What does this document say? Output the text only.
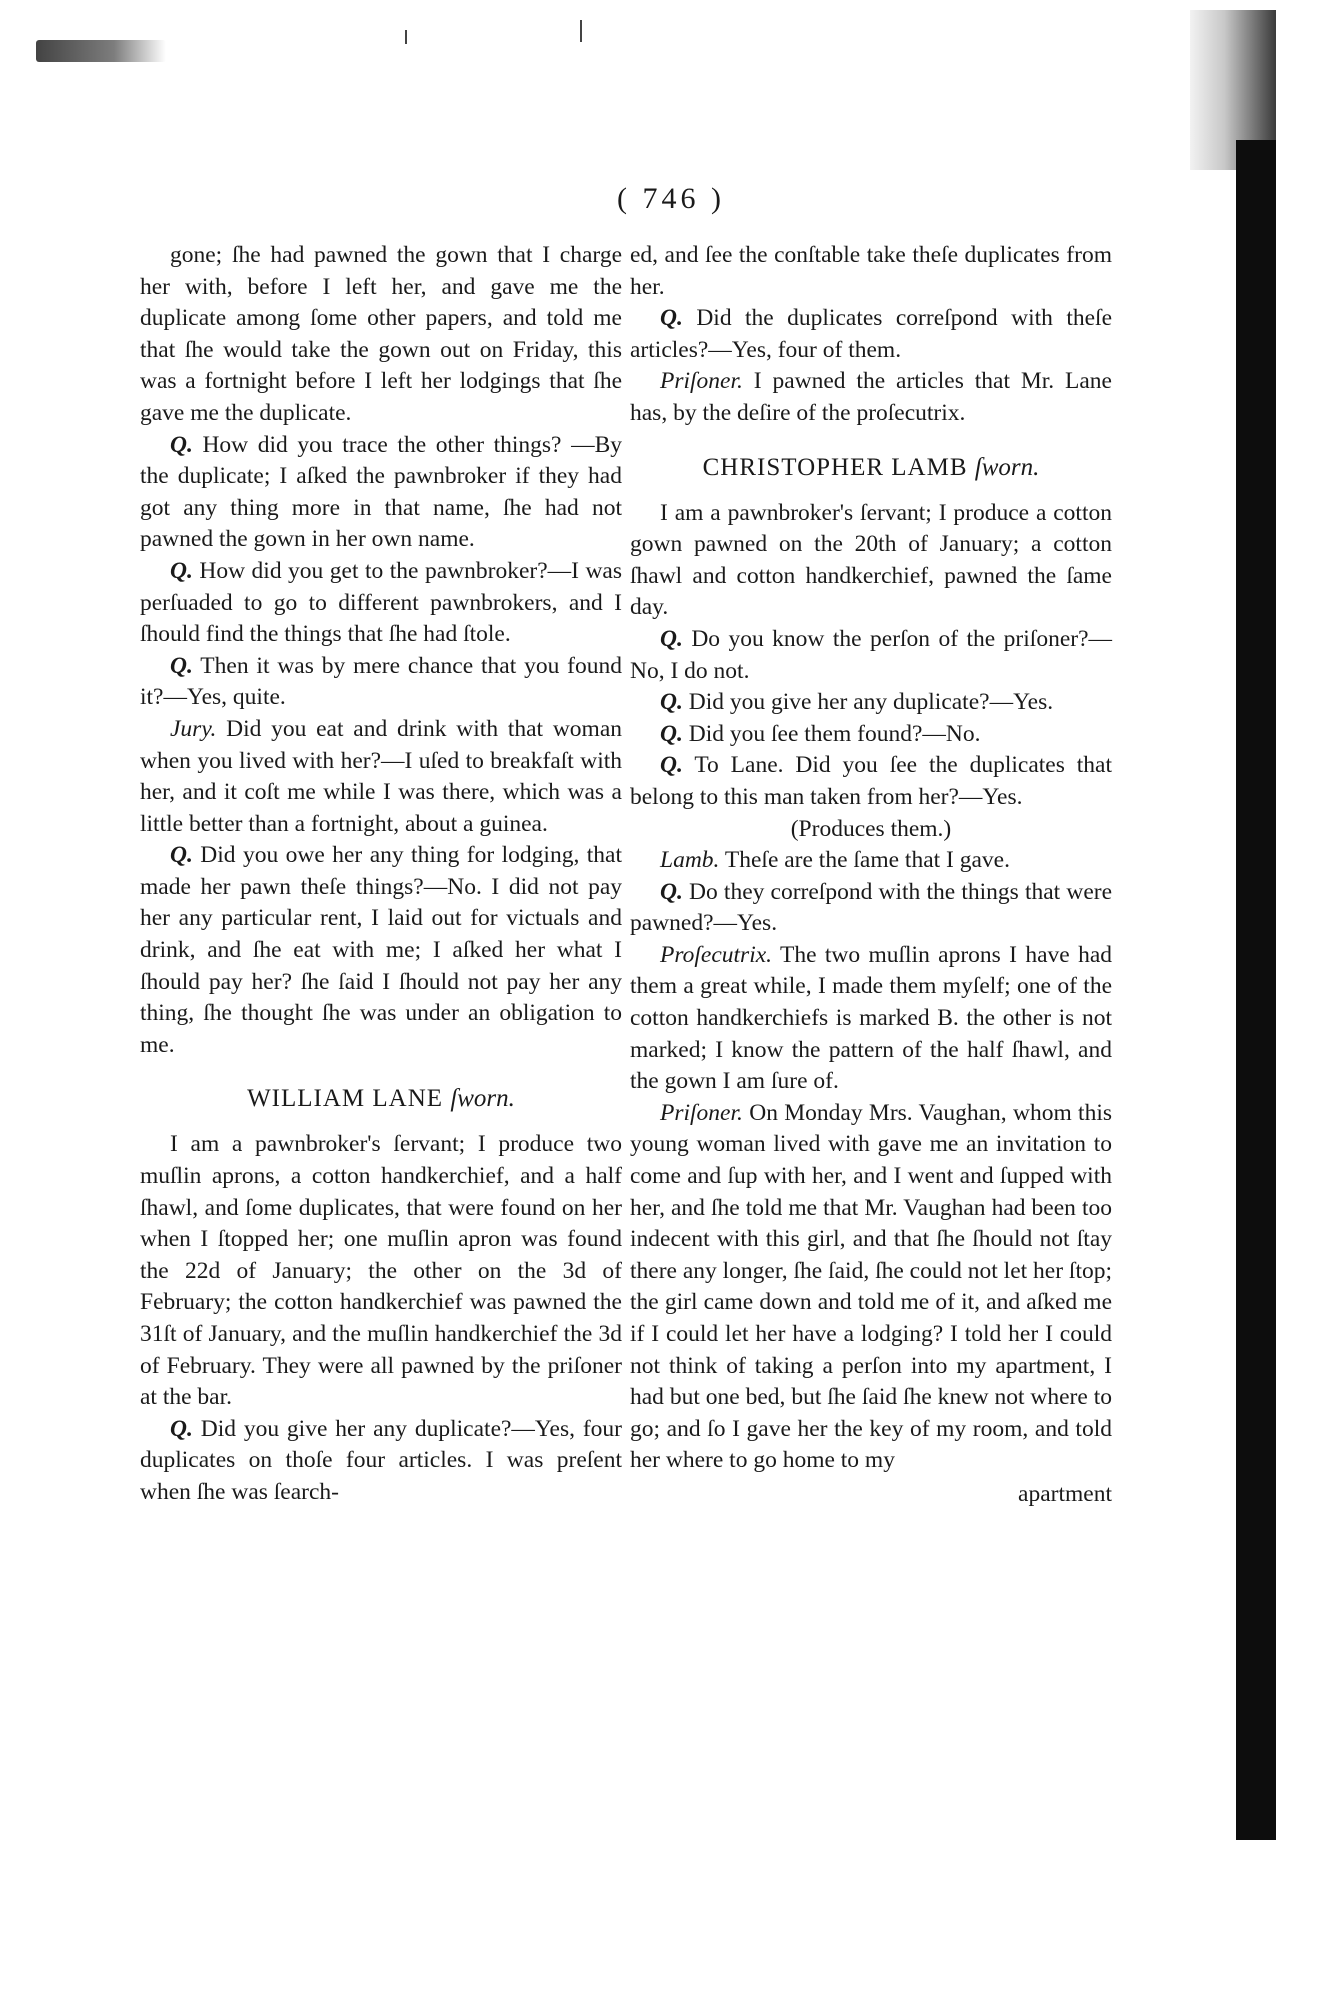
( 746 )

gone; ſhe had pawned the gown that I charge her with, before I left her, and gave me the duplicate among ſome other papers, and told me that ſhe would take the gown out on Friday, this was a fortnight before I left her lodgings that ſhe gave me the duplicate.

Q. How did you trace the other things? —By the duplicate; I aſked the pawnbroker if they had got any thing more in that name, ſhe had not pawned the gown in her own name.

Q. How did you get to the pawnbroker?—I was perſuaded to go to different pawnbrokers, and I ſhould find the things that ſhe had ſtole.

Q. Then it was by mere chance that you found it?—Yes, quite.

Jury. Did you eat and drink with that woman when you lived with her?—I uſed to breakfaſt with her, and it coſt me while I was there, which was a little better than a fortnight, about a guinea.

Q. Did you owe her any thing for lodging, that made her pawn theſe things?—No. I did not pay her any particular rent, I laid out for victuals and drink, and ſhe eat with me; I aſked her what I ſhould pay her? ſhe ſaid I ſhould not pay her any thing, ſhe thought ſhe was under an obligation to me.

WILLIAM LANE ſworn.

I am a pawnbroker's ſervant; I produce two muſlin aprons, a cotton handkerchief, and a half ſhawl, and ſome duplicates, that were found on her when I ſtopped her; one muſlin apron was found the 22d of January; the other on the 3d of February; the cotton handkerchief was pawned the 31ſt of January, and the muſlin handkerchief the 3d of February. They were all pawned by the priſoner at the bar.

Q. Did you give her any duplicate?—Yes, four duplicates on thoſe four articles. I was preſent when ſhe was ſearch-

ed, and ſee the conſtable take theſe duplicates from her.

Q. Did the duplicates correſpond with theſe articles?—Yes, four of them.

Priſoner. I pawned the articles that Mr. Lane has, by the deſire of the proſecutrix.

CHRISTOPHER LAMB ſworn.

I am a pawnbroker's ſervant; I produce a cotton gown pawned on the 20th of January; a cotton ſhawl and cotton handkerchief, pawned the ſame day.

Q. Do you know the perſon of the priſoner?—No, I do not.

Q. Did you give her any duplicate?—Yes.

Q. Did you ſee them found?—No.

Q. To Lane. Did you ſee the duplicates that belong to this man taken from her?—Yes.

(Produces them.)

Lamb. Theſe are the ſame that I gave.

Q. Do they correſpond with the things that were pawned?—Yes.

Proſecutrix. The two muſlin aprons I have had them a great while, I made them myſelf; one of the cotton handkerchiefs is marked B. the other is not marked; I know the pattern of the half ſhawl, and the gown I am ſure of.

Priſoner. On Monday Mrs. Vaughan, whom this young woman lived with gave me an invitation to come and ſup with her, and I went and ſupped with her, and ſhe told me that Mr. Vaughan had been too indecent with this girl, and that ſhe ſhould not ſtay there any longer, ſhe ſaid, ſhe could not let her ſtop; the girl came down and told me of it, and aſked me if I could let her have a lodging? I told her I could not think of taking a perſon into my apartment, I had but one bed, but ſhe ſaid ſhe knew not where to go; and ſo I gave her the key of my room, and told her where to go home to my

apartment
